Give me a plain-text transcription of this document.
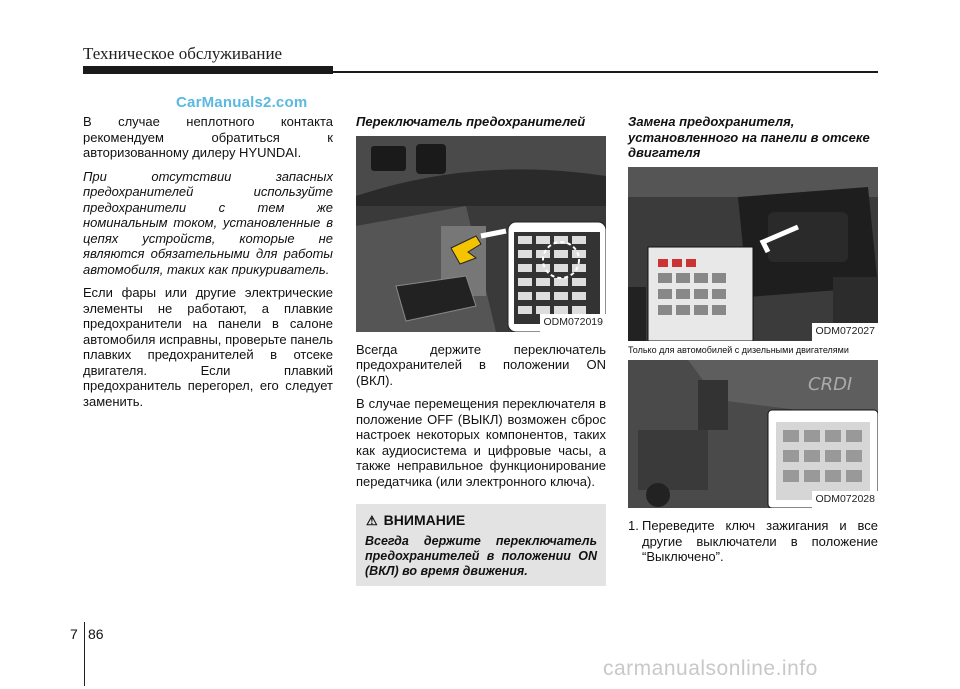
Техническое обслуживание
CarManuals2.com

В случае неплотного контакта рекомендуем обратиться к авторизованному дилеру HYUNDAI.

При отсутствии запасных предохранителей используйте предохранители с тем же номинальным током, установленные в цепях устройств, которые не являются обязательными для работы автомобиля, таких как прикуриватель.

Если фары или другие электрические элементы не работают, а плавкие предохранители на панели в салоне автомобиля исправны, проверьте панель плавких предохранителей в отсеке двигателя. Если плавкий предохранитель перегорел, его следует заменить.

Переключатель предохранителей
ODM072019

Всегда держите переключатель предохранителей в положении ON (ВКЛ).

В случае перемещения переключателя в положение OFF (ВЫКЛ) возможен сброс настроек некоторых компонентов, таких как аудиосистема и цифровые часы, а также неправильное функционирование передатчика (или электронного ключа).

⚠ ВНИМАНИЕ
Всегда держите переключатель предохранителей в положении ON (ВКЛ) во время движения.
Замена предохранителя, установленного на панели в отсеке двигателя
ODM072027
Только для автомобилей с дизельными двигателями
CRDI
ODM072028
1. Переведите ключ зажигания и все другие выключатели в положение “Выключено”.
7 86
carmanualsonline.info
